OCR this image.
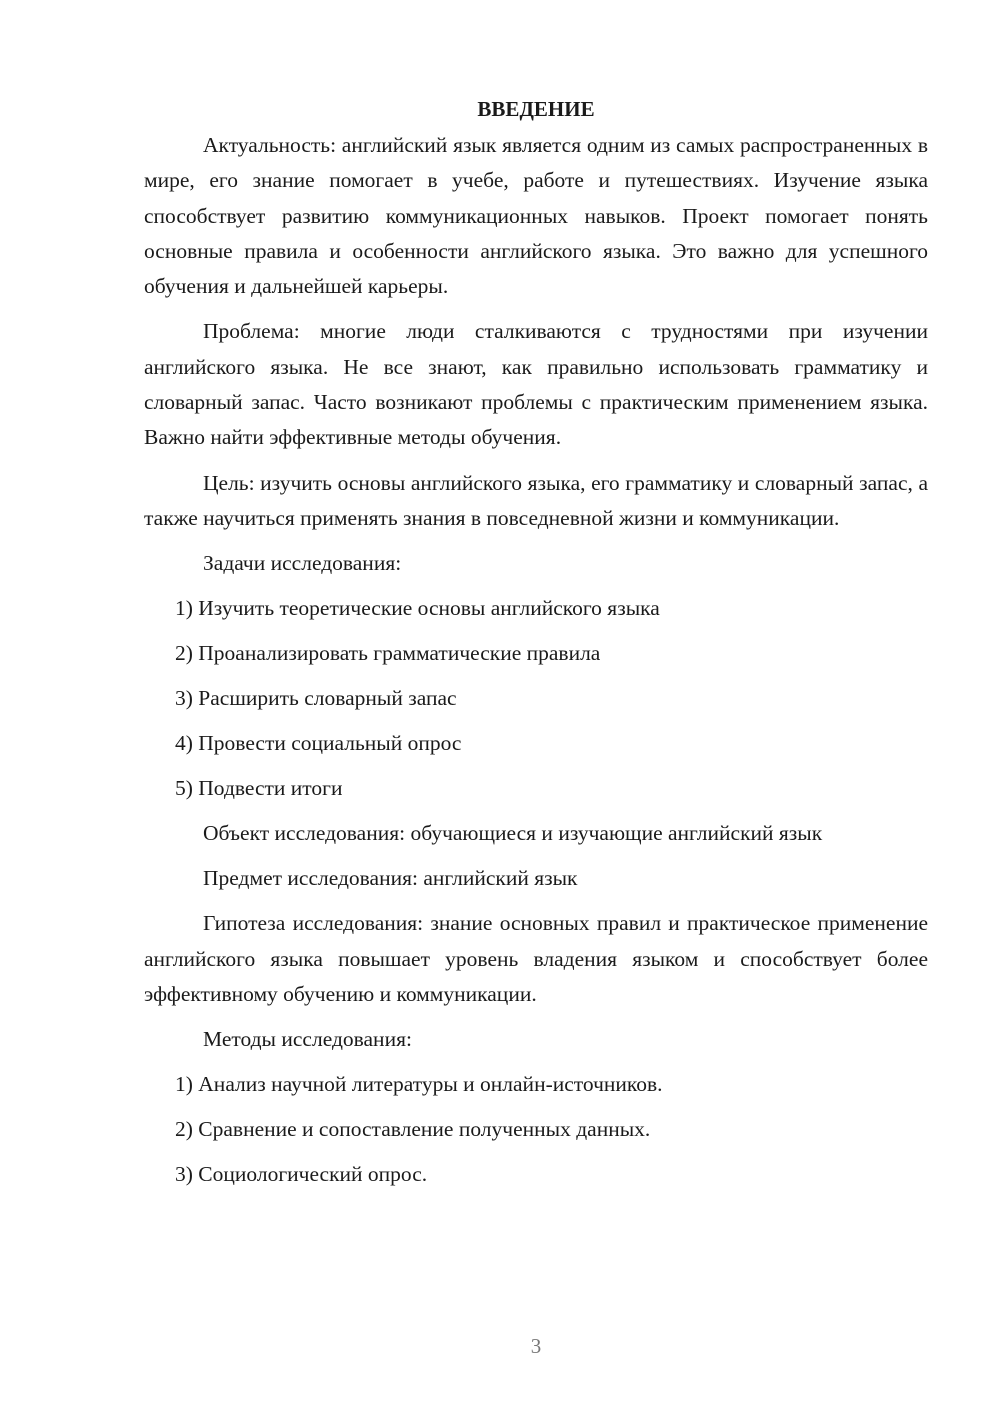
ВВЕДЕНИЕ

Актуальность: английский язык является одним из самых распространенных в мире, его знание помогает в учебе, работе и путешествиях. Изучение языка способствует развитию коммуникационных навыков. Проект помогает понять основные правила и особенности английского языка. Это важно для успешного обучения и дальнейшей карьеры.

Проблема: многие люди сталкиваются с трудностями при изучении английского языка. Не все знают, как правильно использовать грамматику и словарный запас. Часто возникают проблемы с практическим применением языка. Важно найти эффективные методы обучения.

Цель: изучить основы английского языка, его грамматику и словарный запас, а также научиться применять знания в повседневной жизни и коммуникации.

Задачи исследования:
1) Изучить теоретические основы английского языка
2) Проанализировать грамматические правила
3) Расширить словарный запас
4) Провести социальный опрос
5) Подвести итоги
Объект исследования: обучающиеся и изучающие английский язык
Предмет исследования: английский язык

Гипотеза исследования: знание основных правил и практическое применение английского языка повышает уровень владения языком и способствует более эффективному обучению и коммуникации.

Методы исследования:
1) Анализ научной литературы и онлайн-источников.
2) Сравнение и сопоставление полученных данных.
3) Социологический опрос.
3
